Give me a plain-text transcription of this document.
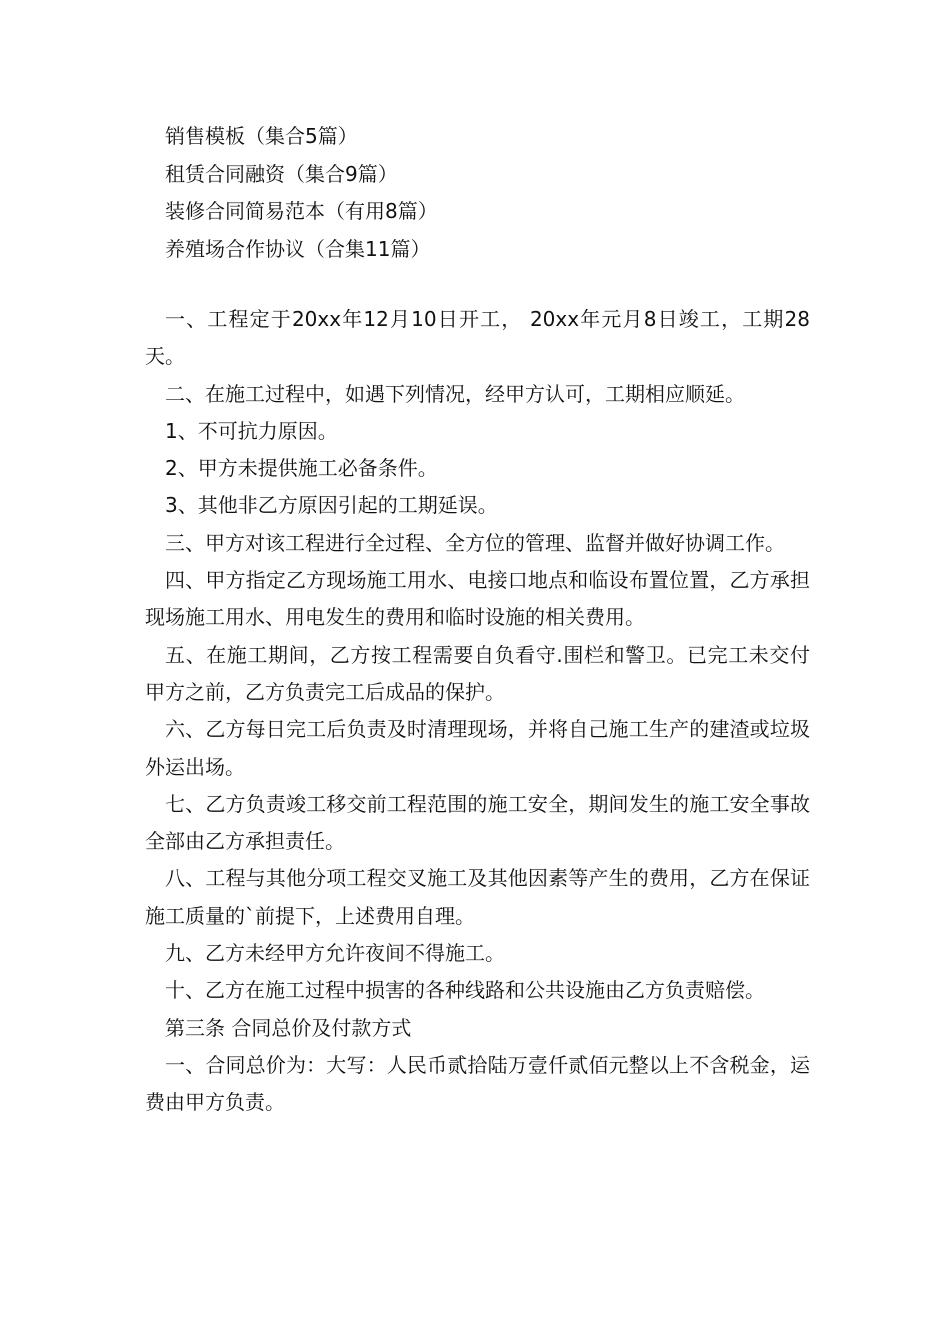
销售模板（集合5篇）
租赁合同融资（集合9篇）
装修合同简易范本（有用8篇）
养殖场合作协议（合集11篇）

一、工程定于20xx年12月10日开工， 20xx年元月8日竣工，工期28天。

二、在施工过程中，如遇下列情况，经甲方认可，工期相应顺延。

1、不可抗力原因。

2、甲方未提供施工必备条件。

3、其他非乙方原因引起的工期延误。

三、甲方对该工程进行全过程、全方位的管理、监督并做好协调工作。

四、甲方指定乙方现场施工用水、电接口地点和临设布置位置，乙方承担现场施工用水、用电发生的费用和临时设施的相关费用。

五、在施工期间，乙方按工程需要自负看守.围栏和警卫。已完工未交付甲方之前，乙方负责完工后成品的保护。

六、乙方每日完工后负责及时清理现场，并将自己施工生产的建渣或垃圾外运出场。

七、乙方负责竣工移交前工程范围的施工安全，期间发生的施工安全事故全部由乙方承担责任。

八、工程与其他分项工程交叉施工及其他因素等产生的费用，乙方在保证施工质量的`前提下，上述费用自理。

九、乙方未经甲方允许夜间不得施工。

十、乙方在施工过程中损害的各种线路和公共设施由乙方负责赔偿。

第三条 合同总价及付款方式

一、合同总价为：大写：人民币贰拾陆万壹仟贰佰元整以上不含税金，运费由甲方负责。
